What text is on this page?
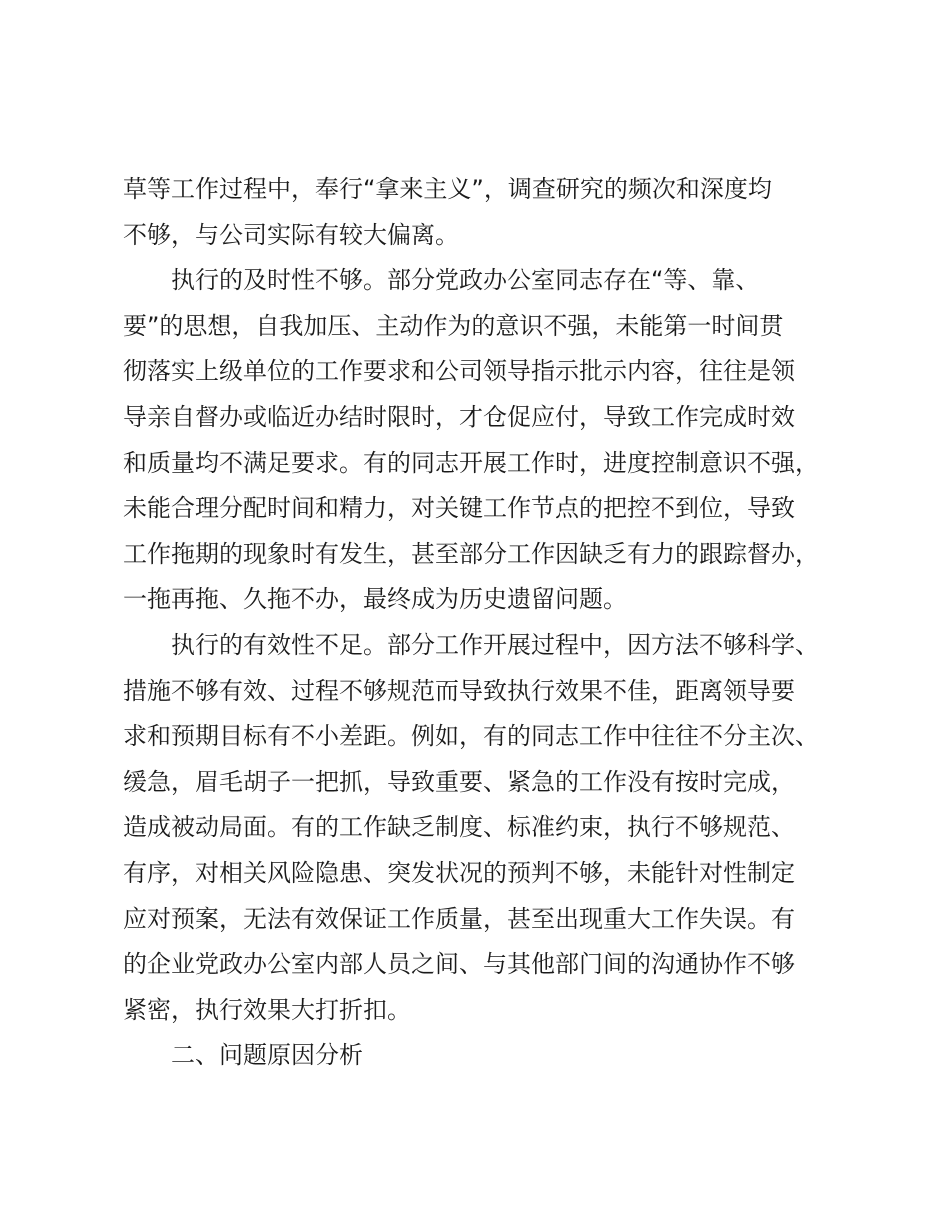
草等工作过程中，奉行“拿来主义”，调查研究的频次和深度均
不够，与公司实际有较大偏离。

执行的及时性不够。部分党政办公室同志存在“等、靠、
要”的思想，自我加压、主动作为的意识不强，未能第一时间贯
彻落实上级单位的工作要求和公司领导指示批示内容，往往是领
导亲自督办或临近办结时限时，才仓促应付，导致工作完成时效
和质量均不满足要求。有的同志开展工作时，进度控制意识不强，
未能合理分配时间和精力，对关键工作节点的把控不到位，导致
工作拖期的现象时有发生，甚至部分工作因缺乏有力的跟踪督办，
一拖再拖、久拖不办，最终成为历史遗留问题。

执行的有效性不足。部分工作开展过程中，因方法不够科学、
措施不够有效、过程不够规范而导致执行效果不佳，距离领导要
求和预期目标有不小差距。例如，有的同志工作中往往不分主次、
缓急，眉毛胡子一把抓，导致重要、紧急的工作没有按时完成，
造成被动局面。有的工作缺乏制度、标准约束，执行不够规范、
有序，对相关风险隐患、突发状况的预判不够，未能针对性制定
应对预案，无法有效保证工作质量，甚至出现重大工作失误。有
的企业党政办公室内部人员之间、与其他部门间的沟通协作不够
紧密，执行效果大打折扣。

二、问题原因分析
